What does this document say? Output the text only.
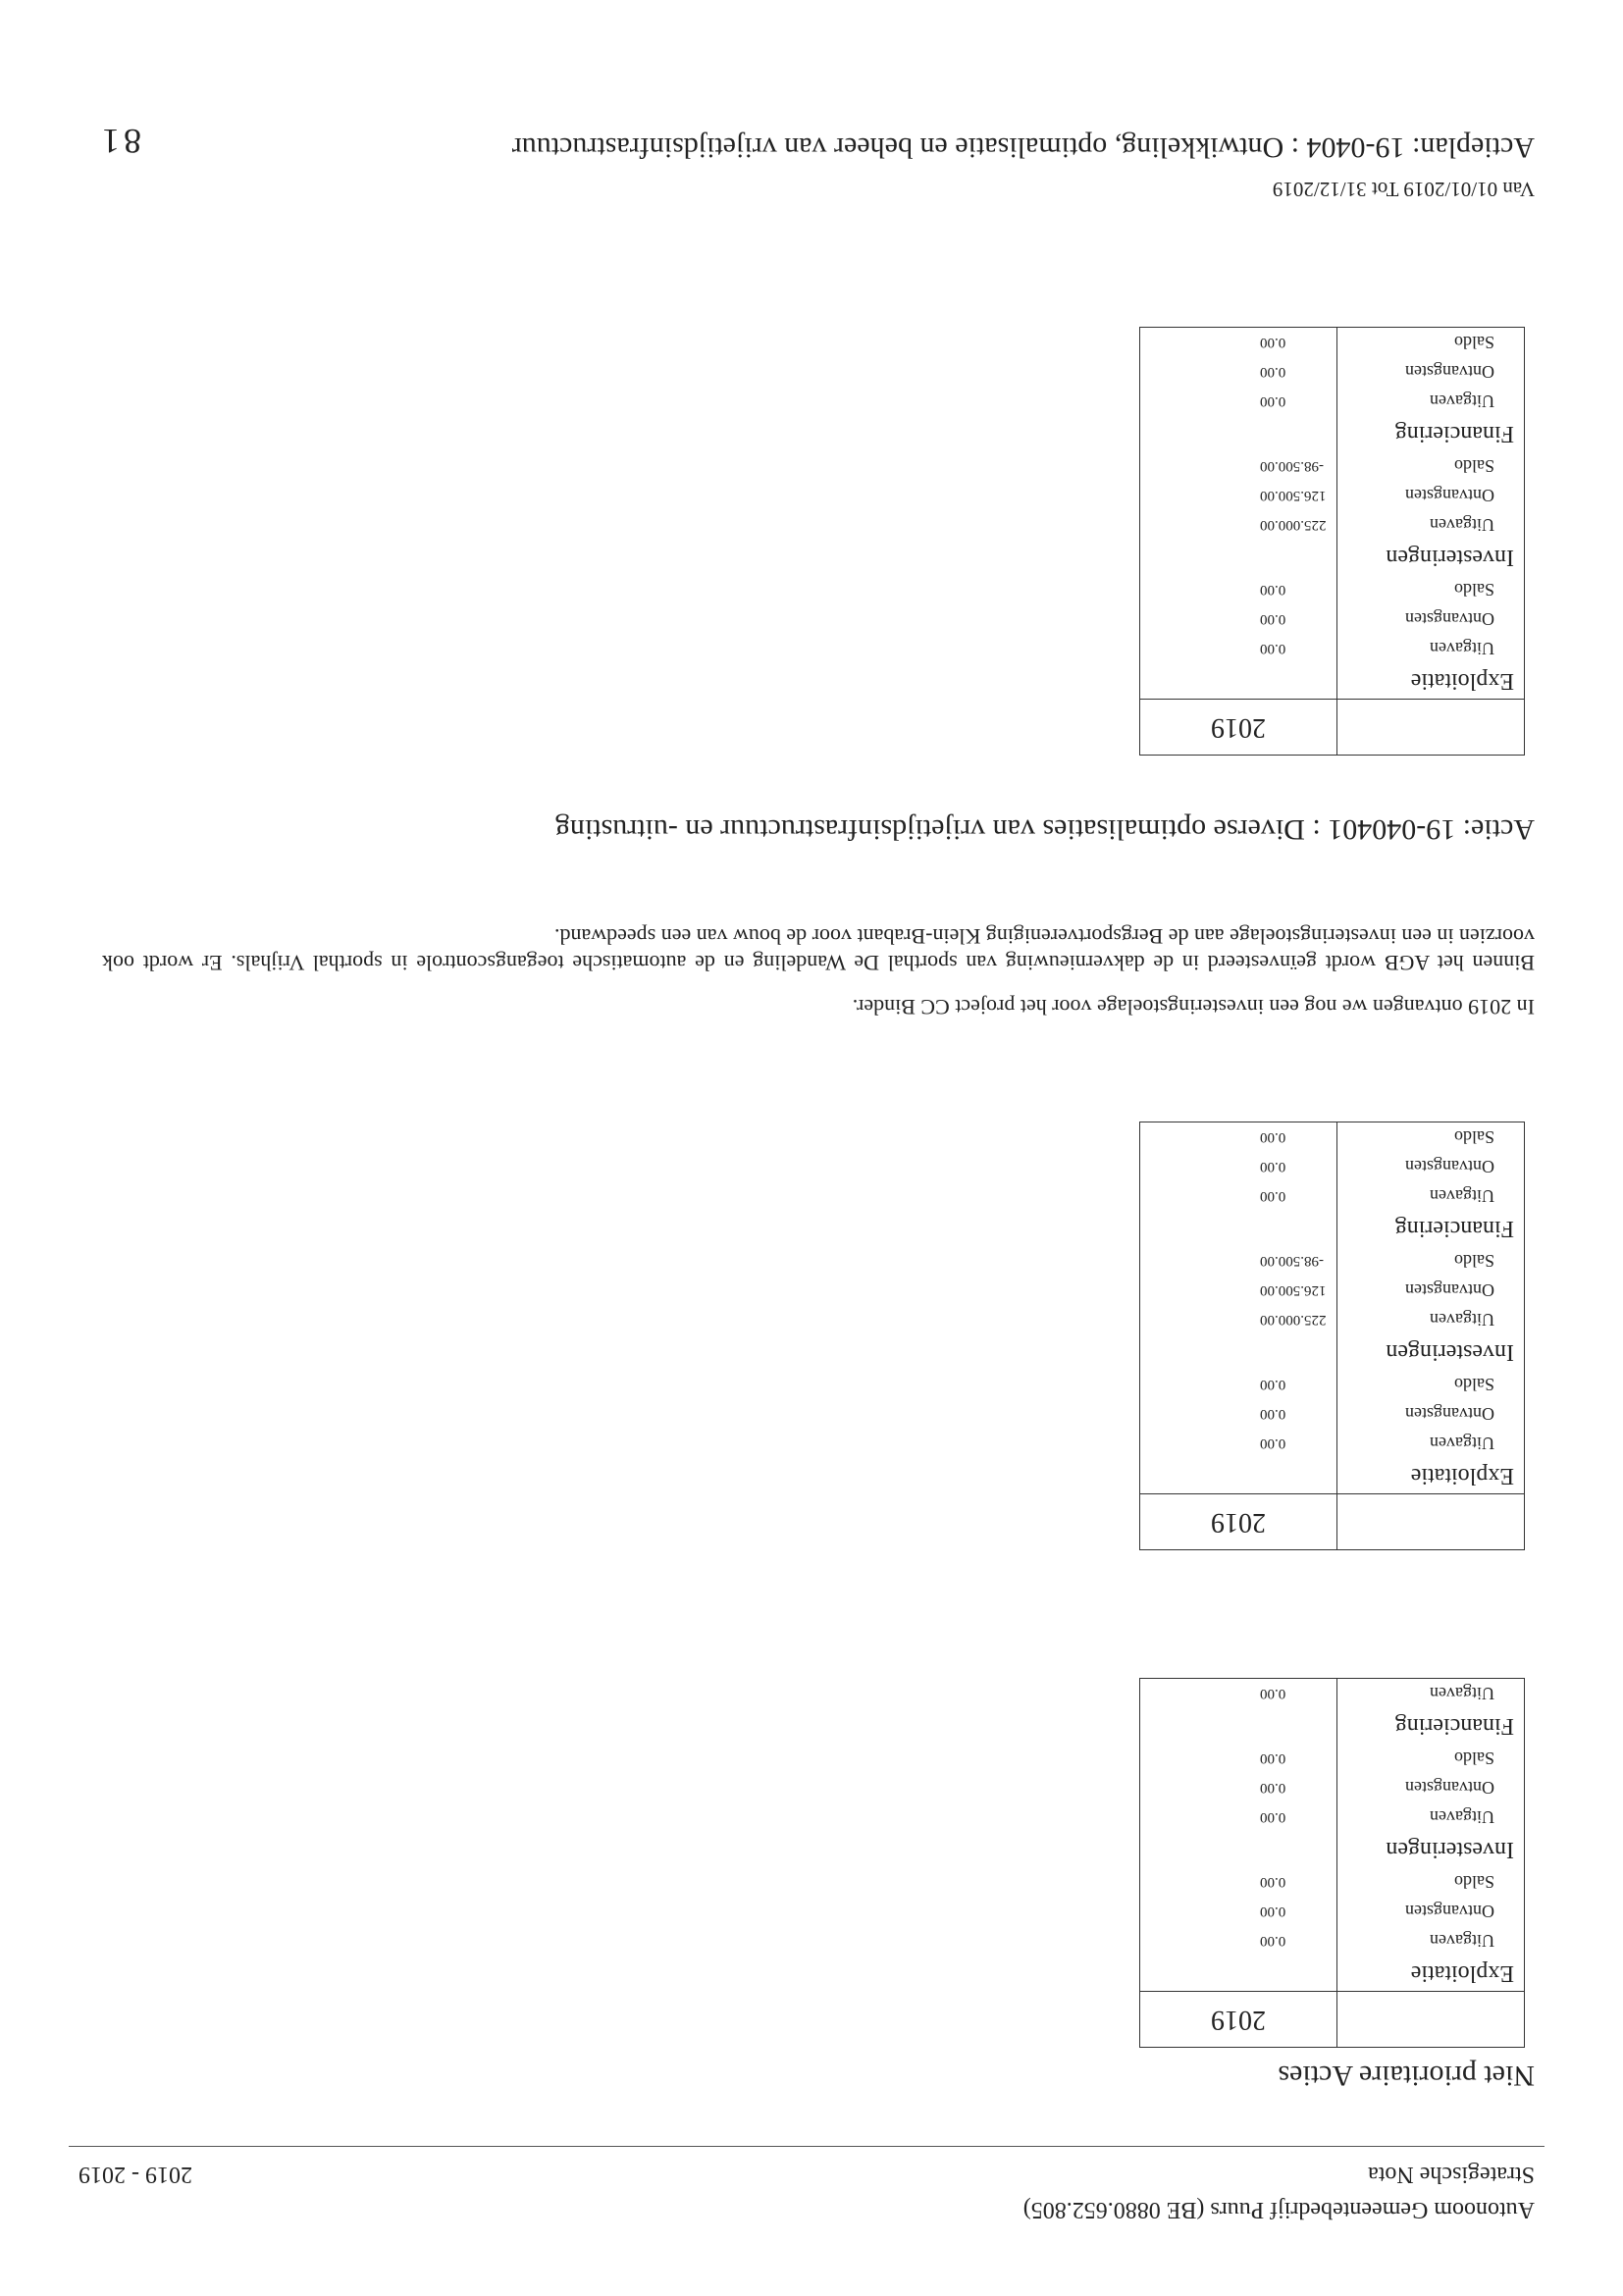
Autonoom Gemeentebedrijf Puurs (BE 0880.652.805)
Strategische Nota
2019 - 2019
Niet prioritaire Acties
	2019
Exploitatie	
Uitgaven	0.00
Ontvangsten	0.00
Saldo	0.00
Investeringen	
Uitgaven	0.00
Ontvangsten	0.00
Saldo	0.00
Financiering	
Uitgaven	0.00
	2019
Exploitatie	
Uitgaven	0.00
Ontvangsten	0.00
Saldo	0.00
Investeringen	
Uitgaven	225.000.00
Ontvangsten	126.500.00
Saldo	-98.500.00
Financiering	
Uitgaven	0.00
Ontvangsten	0.00
Saldo	0.00

In 2019 ontvangen we nog een investeringstoelage voor het project CC Binder.

Binnen het AGB wordt geïnvesteerd in de dakvernieuwing van sporthal De Wandeling en de automatische toegangscontrole in sporthal Vrijhals. Er wordt ook voorzien in een investeringstoelage aan de Bergsportvereniging Klein-Brabant voor de bouw van een speedwand.

Actie: 19-040401 : Diverse optimalisaties van vrijetijdsinfrastructuur en -uitrusting
	2019
Exploitatie	
Uitgaven	0.00
Ontvangsten	0.00
Saldo	0.00
Investeringen	
Uitgaven	225.000.00
Ontvangsten	126.500.00
Saldo	-98.500.00
Financiering	
Uitgaven	0.00
Ontvangsten	0.00
Saldo	0.00

Van 01/01/2019 Tot 31/12/2019

Actieplan: 19-0404 : Ontwikkeling, optimalisatie en beheer van vrijetijdsinfrastructuur
81
